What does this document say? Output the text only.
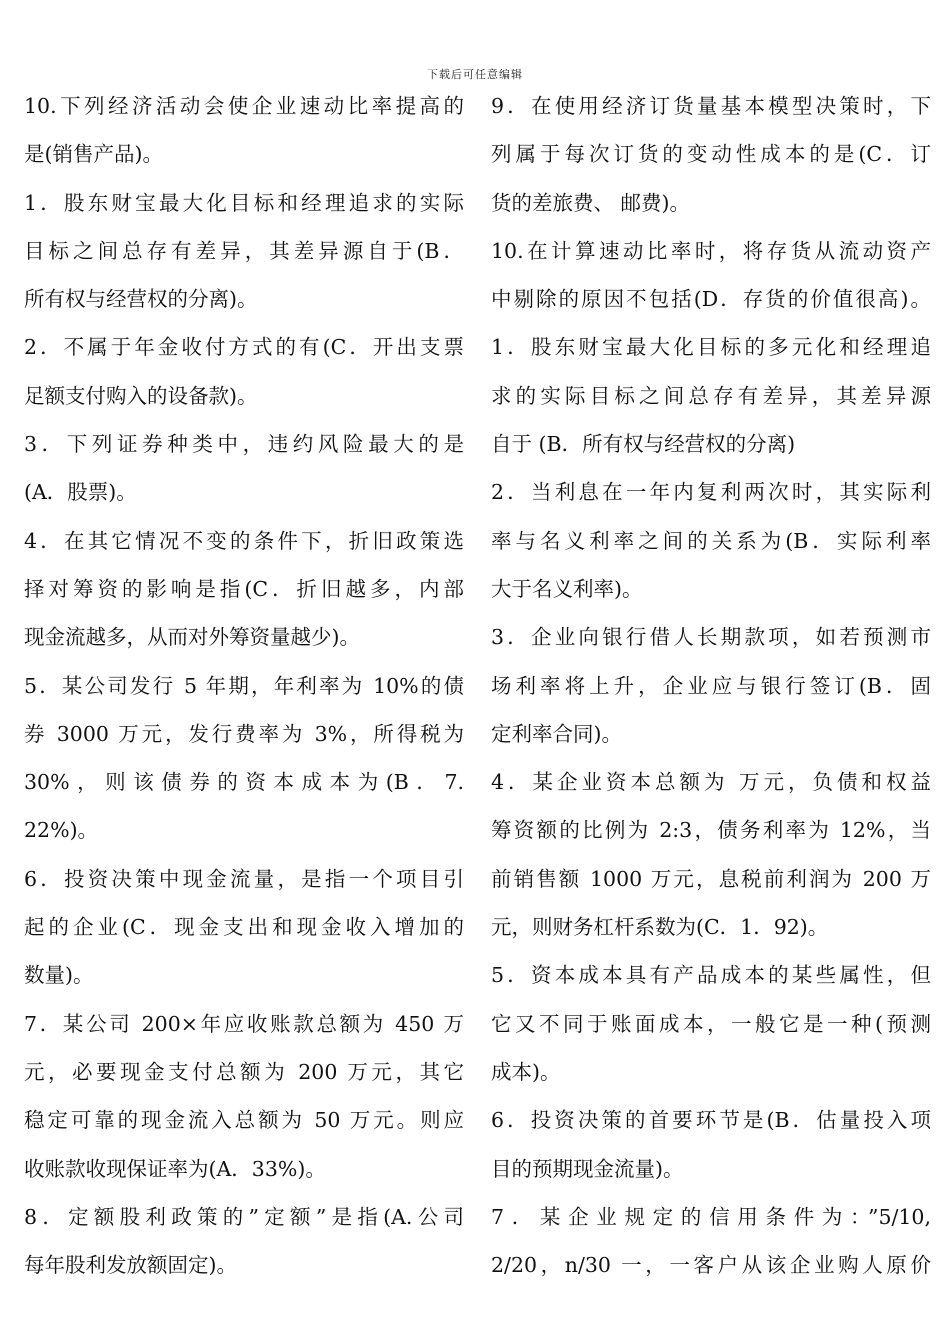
下载后可任意编辑
10.下列经济活动会使企业速动比率提高的
是(销售产品)。
1．股东财宝最大化目标和经理追求的实际
目标之间总存有差异，其差异源自于(B．
所有权与经营权的分离)。
2．不属于年金收付方式的有(C．开出支票
足额支付购入的设备款)。
3．下列证券种类中，违约风险最大的是
(A．股票)。
4．在其它情况不变的条件下，折旧政策选
择对筹资的影响是指(C．折旧越多，内部
现金流越多，从而对外筹资量越少)。
5．某公司发行 5 年期，年利率为 10%的债
券 3000 万元，发行费率为 3%，所得税为
30%，则该债券的资本成本为(B．7.
22%)。
6．投资决策中现金流量，是指一个项目引
起的企业(C．现金支出和现金收入增加的
数量)。
7．某公司 200×年应收账款总额为 450 万
元，必要现金支付总额为 200 万元，其它
稳定可靠的现金流入总额为 50 万元。则应
收账款收现保证率为(A．33%)。
8．定额股利政策的”定额”是指(A.公司
每年股利发放额固定)。
9．在使用经济订货量基本模型决策时，下
列属于每次订货的变动性成本的是(C．订
货的差旅费、 邮费)。
10.在计算速动比率时，将存货从流动资产
中剔除的原因不包括(D．存货的价值很高)。
1．股东财宝最大化目标的多元化和经理追
求的实际目标之间总存有差异，其差异源
自于 (B．所有权与经营权的分离)
2．当利息在一年内复利两次时，其实际利
率与名义利率之间的关系为(B．实际利率
大于名义利率)。
3．企业向银行借人长期款项，如若预测市
场利率将上升，企业应与银行签订(B．固
定利率合同)。
4．某企业资本总额为 万元，负债和权益
筹资额的比例为 2:3，债务利率为 12%，当
前销售额 1000 万元，息税前利润为 200 万
元，则财务杠杆系数为(C．1．92)。
5．资本成本具有产品成本的某些属性，但
它又不同于账面成本，一般它是一种(预测
成本)。
6．投资决策的首要环节是(B．估量投入项
目的预期现金流量)。
7．某企业规定的信用条件为：”5/10,
2/20，n/30 一，一客户从该企业购人原价
